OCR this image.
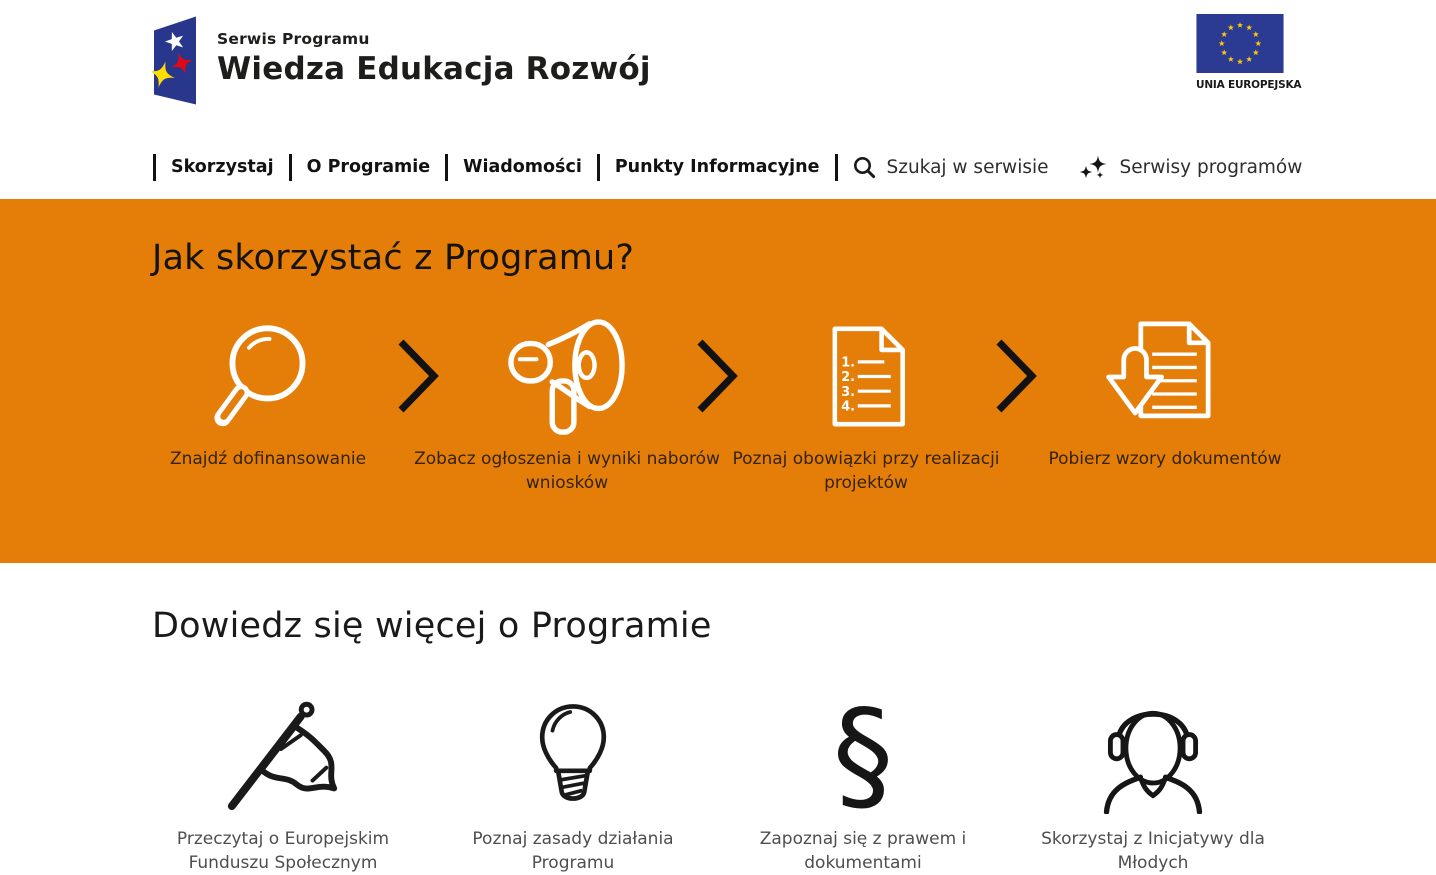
Serwis Programu
Wiedza Edukacja Rozwój	UNIA EUROPEJSKA
Skorzystaj O Programie Wiadomości Punkty Informacyjne	Szukaj w serwisie	Serwisy programów
Jak skorzystać z Programu?
Znajdź dofinansowanie	Zobacz ogłoszenia i wyniki naborów wniosków
1.
2.
3.
4.
Poznaj obowiązki przy realizacji projektów
Pobierz wzory dokumentów
Dowiedz się więcej o Programie
Przeczytaj o Europejskim Funduszu Społecznym
Poznaj zasady działania Programu
§
Zapoznaj się z prawem i dokumentami
Skorzystaj z Inicjatywy dla Młodych
